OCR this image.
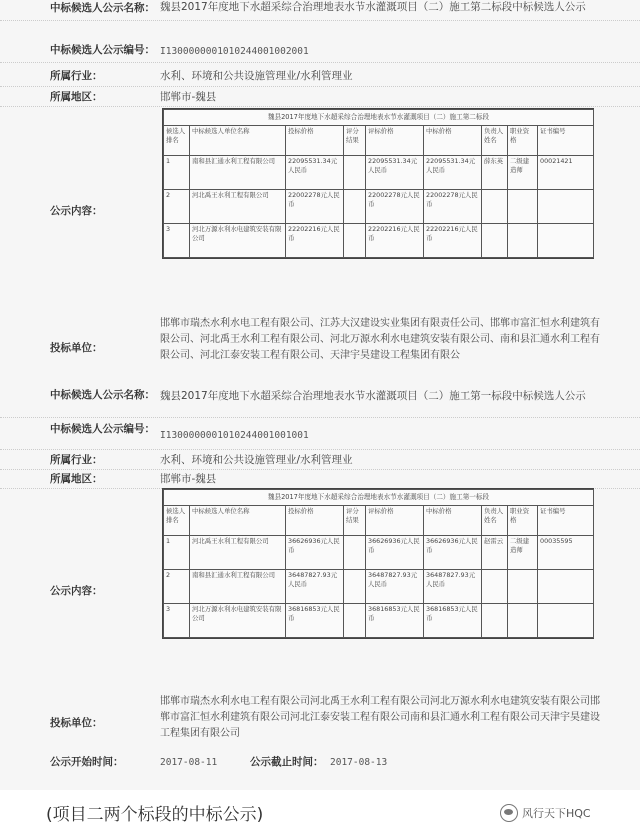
中标候选人公示名称： 魏县2017年度地下水超采综合治理地表水节水灌溉项目（二）施工第二标段中标候选人公示
中标候选人公示编号： I1300000001010244001002001
所属行业：	水利、环境和公共设施管理业/水利管理业
所属地区：	邯郸市-魏县
公示内容：
魏县2017年度地下水超采综合治理地表水节水灌溉项目（二）施工第二标段								
候选人排名	中标候选人单位名称	投标价格	评分结果	评标价格	中标价格	负责人姓名	职业资格	证书编号
1	南和县汇通水利工程有限公司	22095531.34元人民币		22095531.34元人民币	22095531.34元人民币	薛东英	二级建造师	00021421
2	河北禹王水利工程有限公司	22002278元人民币		22002278元人民币	22002278元人民币			
3	河北万源水利水电建筑安装有限公司	22202216元人民币		22202216元人民币	22202216元人民币			
投标单位：
邯郸市瑞杰水利水电工程有限公司、江苏大汉建设实业集团有限责任公司、邯郸市富汇恒水利建筑有限公司、河北禹王水利工程有限公司、河北万源水利水电建筑安装有限公司、南和县汇通水利工程有限公司、河北江泰安装工程有限公司、天津宇昊建设工程集团有限公
中标候选人公示名称： 魏县2017年度地下水超采综合治理地表水节水灌溉项目（二）施工第一标段中标候选人公示
中标候选人公示编号：
I1300000001010244001001001
所属行业：	水利、环境和公共设施管理业/水利管理业
所属地区：	邯郸市-魏县
公示内容：
魏县2017年度地下水超采综合治理地表水节水灌溉项目（二）施工第一标段								
候选人排名	中标候选人单位名称	投标价格	评分结果	评标价格	中标价格	负责人姓名	职业资格	证书编号
1	河北禹王水利工程有限公司	36626936元人民币		36626936元人民币	36626936元人民币	赵雷云	二级建造师	00035595
2	南和县汇通水利工程有限公司	36487827.93元人民币		36487827.93元人民币	36487827.93元人民币			
3	河北万源水利水电建筑安装有限公司	36816853元人民币		36816853元人民币	36816853元人民币			
投标单位：
邯郸市瑞杰水利水电工程有限公司河北禹王水利工程有限公司河北万源水利水电建筑安装有限公司邯郸市富汇恒水利建筑有限公司河北江泰安装工程有限公司南和县汇通水利工程有限公司天津宇昊建设工程集团有限公司
公示开始时间：	2017-08-11	公示截止时间： 2017-08-13
(项目二两个标段的中标公示)	风行天下HQC
